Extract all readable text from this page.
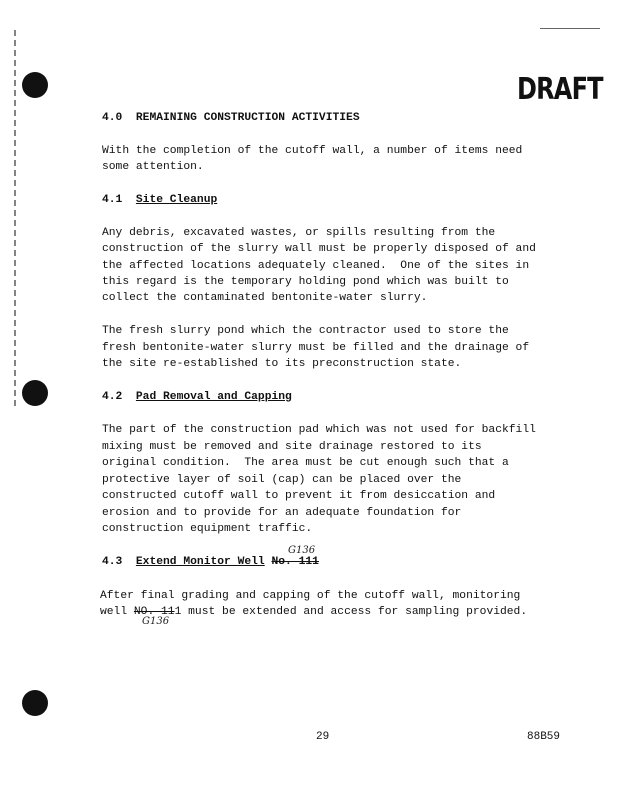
DRAFT
4.0  REMAINING CONSTRUCTION ACTIVITIES
With the completion of the cutoff wall, a number of items need
some attention.
4.1 Site Cleanup
Any debris, excavated wastes, or spills resulting from the
construction of the slurry wall must be properly disposed of and
the affected locations adequately cleaned.  One of the sites in
this regard is the temporary holding pond which was built to
collect the contaminated bentonite-water slurry.
The fresh slurry pond which the contractor used to store the
fresh bentonite-water slurry must be filled and the drainage of
the site re-established to its preconstruction state.
4.2 Pad Removal and Capping
The part of the construction pad which was not used for backfill
mixing must be removed and site drainage restored to its
original condition.  The area must be cut enough such that a
protective layer of soil (cap) can be placed over the
constructed cutoff wall to prevent it from desiccation and
erosion and to provide for an adequate foundation for
construction equipment traffic.
G136
4.3 Extend Monitor Well No. 111
After final grading and capping of the cutoff wall, monitoring
well NO. 111 must be extended and access for sampling provided.
G136
29	88B59
